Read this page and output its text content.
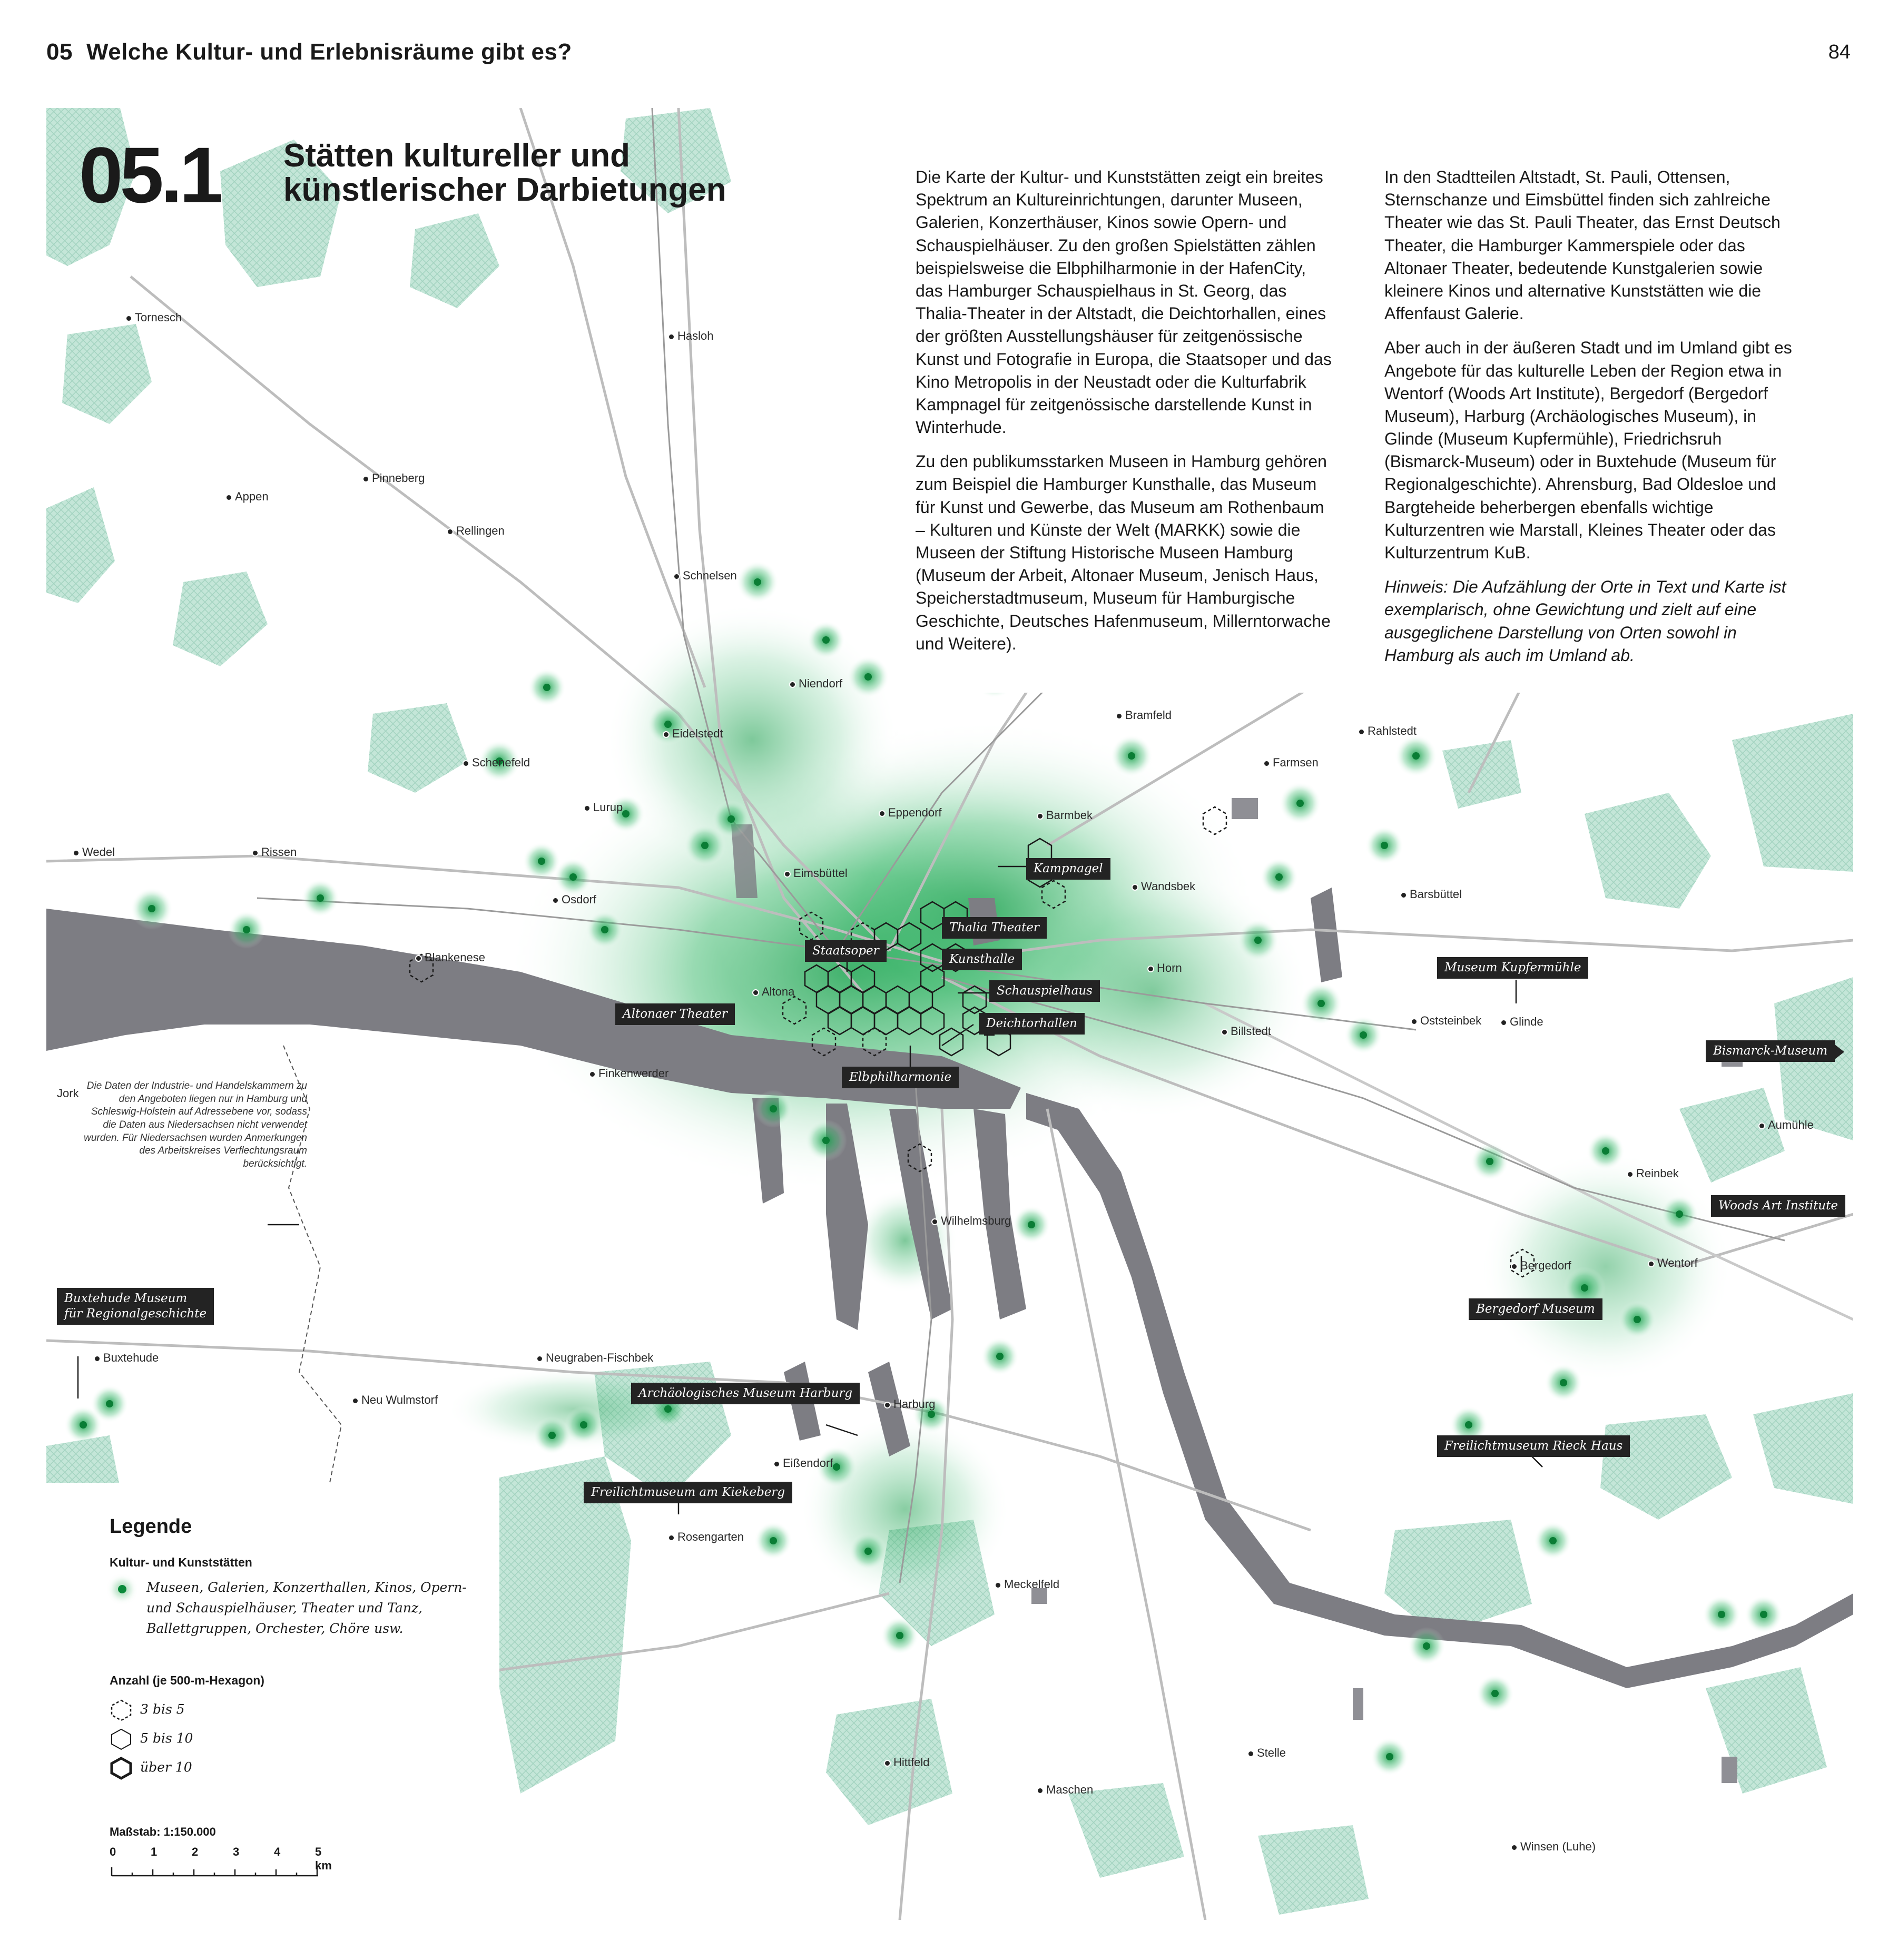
05 Welche Kultur- und Erlebnisräume gibt es?	84
05.1 Stätten kultureller und
künstlerischer Darbietungen	Die Karte der Kultur- und Kunststätten zeigt ein breites Spektrum an Kultureinrichtungen, darunter Museen, Galerien, Konzerthäuser, Kinos sowie Opern- und Schauspielhäuser. Zu den großen Spielstätten zählen beispielsweise die Elbphilharmonie in der HafenCity, das Hamburger Schauspielhaus in St. Georg, das Thalia-Theater in der Altstadt, die Deichtorhallen, eines der größten Ausstellungshäuser für zeitgenössische Kunst und Fotografie in Europa, die Staatsoper und das Kino Metropolis in der Neustadt oder die Kulturfabrik Kampnagel für zeitgenössische darstellende Kunst in Winterhude.

Zu den publikumsstarken Museen in Hamburg gehören zum Beispiel die Hamburger Kunsthalle, das Museum für Kunst und Gewerbe, das Museum am Rothenbaum – Kulturen und Künste der Welt (MARKK) sowie die Museen der Stiftung Historische Museen Hamburg (Museum der Arbeit, Altonaer Museum, Jenisch Haus, Speicherstadtmuseum, Museum für Hamburgische Geschichte, Deutsches Hafenmuseum, Millerntorwache und Weitere).

In den Stadtteilen Altstadt, St. Pauli, Ottensen, Sternschanze und Eimsbüttel finden sich zahlreiche Theater wie das St. Pauli Theater, das Ernst Deutsch Theater, die Hamburger Kammerspiele oder das Altonaer Theater, bedeutende Kunstgalerien sowie kleinere Kinos und alternative Kunststätten wie die Affenfaust Galerie.

Aber auch in der äußeren Stadt und im Umland gibt es Angebote für das kulturelle Leben der Region etwa in Wentorf (Woods Art Institute), Bergedorf (Bergedorf Museum), Harburg (Archäologisches Museum), in Glinde (Museum Kupfermühle), Friedrichsruh (Bismarck-Museum) oder in Buxtehude (Museum für Regionalgeschichte). Ahrensburg, Bad Oldesloe und Bargteheide beherbergen ebenfalls wichtige Kulturzentren wie Marstall, Kleines Theater oder das Kulturzentrum KuB.

Hinweis: Die Aufzählung der Orte in Text und Karte ist exemplarisch, ohne Gewichtung und zielt auf eine ausgeglichene Darstellung von Orten sowohl in Hamburg als auch im Umland ab.

Tornesch
Hasloh
Pinneberg
Appen
Rellingen
Schnelsen
Niendorf
Eidelstedt
Schenefeld
Lurup
Bramfeld
Rahlstedt
Farmsen
Eppendorf	Barmbek
Wedel	Rissen
Eimsbüttel
Osdorf
Wandsbek
Barsbüttel
Blankenese
Altona
Horn
Oststeinbek	Glinde
Billstedt
Finkenwerder
Jork
Aumühle
Reinbek
Wilhelmsburg
Bergedorf	Wentorf
Buxtehude	Neugraben-Fischbek
Neu Wulmstorf	Harburg
Eißendorf
Rosengarten
Meckelfeld
Stelle
Hittfeld
Maschen
Winsen (Luhe)
Kampnagel
Thalia Theater
Staatsoper
Kunsthalle
Schauspielhaus
Altonaer Theater
Deichtorhallen
Elbphilharmonie
Museum Kupfermühle
Bismarck-Museum
Woods Art Institute
Buxtehude Museum
für Regionalgeschichte	Bergedorf Museum
Archäologisches Museum Harburg
Freilichtmuseum Rieck Haus
Freilichtmuseum am Kiekeberg
Die Daten der Industrie- und Handelskammern zu den Angeboten liegen nur in Hamburg und Schleswig-Holstein auf Adressebene vor, sodass die Daten aus Niedersachsen nicht verwendet wurden. Für Niedersachsen wurden Anmerkungen des Arbeitskreises Verflechtungsraum berücksichtigt.
Legende
Kultur- und Kunststätten
Museen, Galerien, Konzerthallen, Kinos, Opern- und Schauspielhäuser, Theater und Tanz, Ballettgruppen, Orchester, Chöre usw.
Anzahl (je 500-m-Hexagon)
3 bis 5
5 bis 10
über 10
Maßstab: 1:150.000
0	1	2	3	4	5 km
